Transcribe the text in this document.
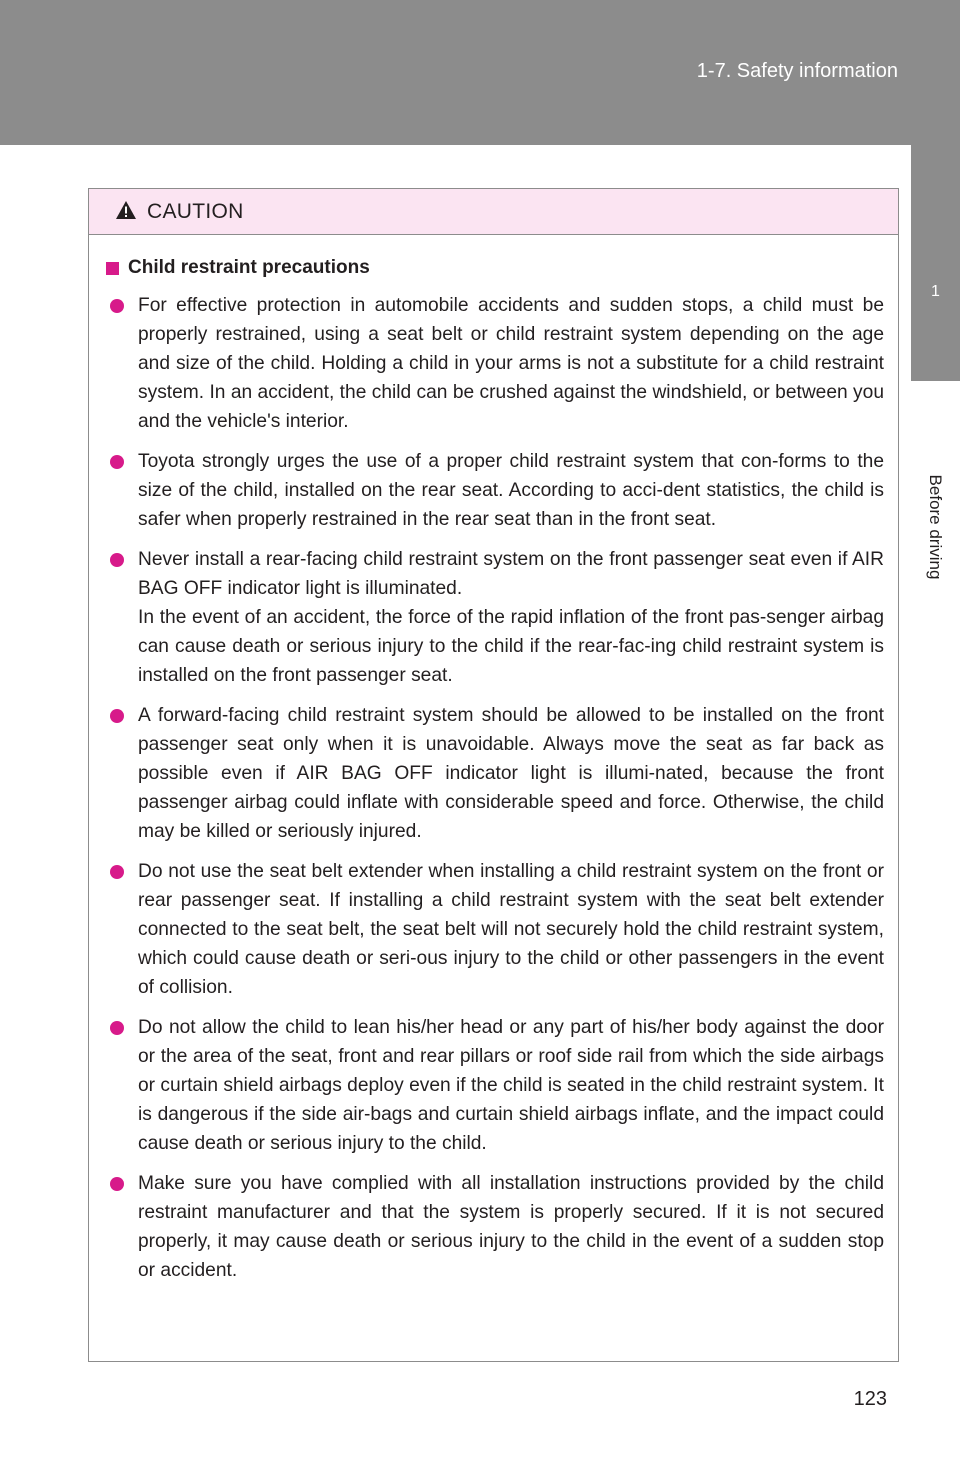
1-7. Safety information
1
Before driving
CAUTION
Child restraint precautions

For effective protection in automobile accidents and sudden stops, a child must be properly restrained, using a seat belt or child restraint system depending on the age and size of the child. Holding a child in your arms is not a substitute for a child restraint system. In an accident, the child can be crushed against the windshield, or between you and the vehicle's interior.

Toyota strongly urges the use of a proper child restraint system that con-forms to the size of the child, installed on the rear seat. According to acci-dent statistics, the child is safer when properly restrained in the rear seat than in the front seat.

Never install a rear-facing child restraint system on the front passenger seat even if AIR BAG OFF indicator light is illuminated.

In the event of an accident, the force of the rapid inflation of the front pas-senger airbag can cause death or serious injury to the child if the rear-fac-ing child restraint system is installed on the front passenger seat.

A forward-facing child restraint system should be allowed to be installed on the front passenger seat only when it is unavoidable. Always move the seat as far back as possible even if AIR BAG OFF indicator light is illumi-nated, because the front passenger airbag could inflate with considerable speed and force. Otherwise, the child may be killed or seriously injured.

Do not use the seat belt extender when installing a child restraint system on the front or rear passenger seat. If installing a child restraint system with the seat belt extender connected to the seat belt, the seat belt will not securely hold the child restraint system, which could cause death or seri-ous injury to the child or other passengers in the event of collision.

Do not allow the child to lean his/her head or any part of his/her body against the door or the area of the seat, front and rear pillars or roof side rail from which the side airbags or curtain shield airbags deploy even if the child is seated in the child restraint system. It is dangerous if the side air-bags and curtain shield airbags inflate, and the impact could cause death or serious injury to the child.

Make sure you have complied with all installation instructions provided by the child restraint manufacturer and that the system is properly secured. If it is not secured properly, it may cause death or serious injury to the child in the event of a sudden stop or accident.

123
